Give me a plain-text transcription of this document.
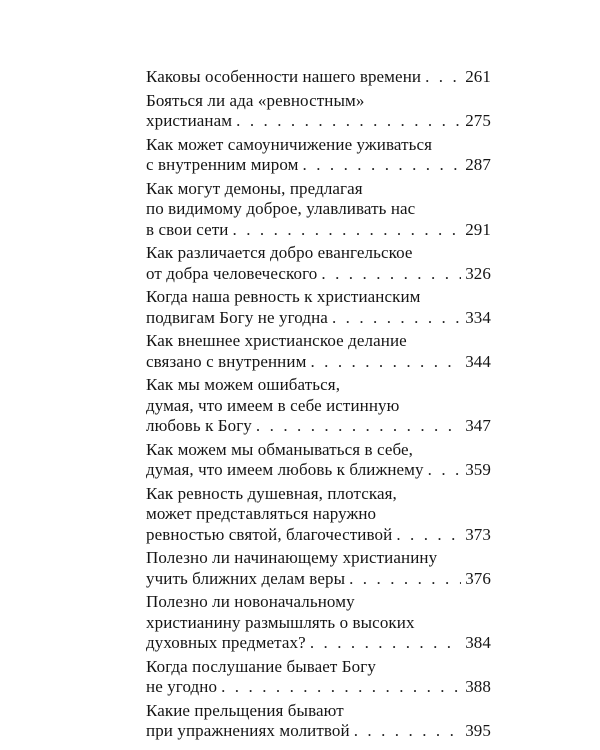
Каковы особенности нашего времени . . .	261
Бояться ли ада «ревностным»
христианам . . .	275
Как может самоуничижение уживаться
с внутренним миром . . .	287
Как могут демоны, предлагая
по видимому доброе, улавливать нас
в свои сети . . .	291
Как различается добро евангельское
от добра человеческого . . .	326
Когда наша ревность к христианским
подвигам Богу не угодна . . .	334
Как внешнее христианское делание
связано с внутренним . . .	344
Как мы можем ошибаться,
думая, что имеем в себе истинную
любовь к Богу . . .	347
Как можем мы обманываться в себе,
думая, что имеем любовь к ближнему . . . 359
Как ревность душевная, плотская,
может представляться наружно
ревностью святой, благочестивой . . .	373
Полезно ли начинающему христианину
учить ближних делам веры . . .	376
Полезно ли новоначальному
христианину размышлять о высоких
духовных предметах? . . .	384
Когда послушание бывает Богу
не угодно . . .	388
Какие прельщения бывают
при упражнениях молитвой . . .	395
